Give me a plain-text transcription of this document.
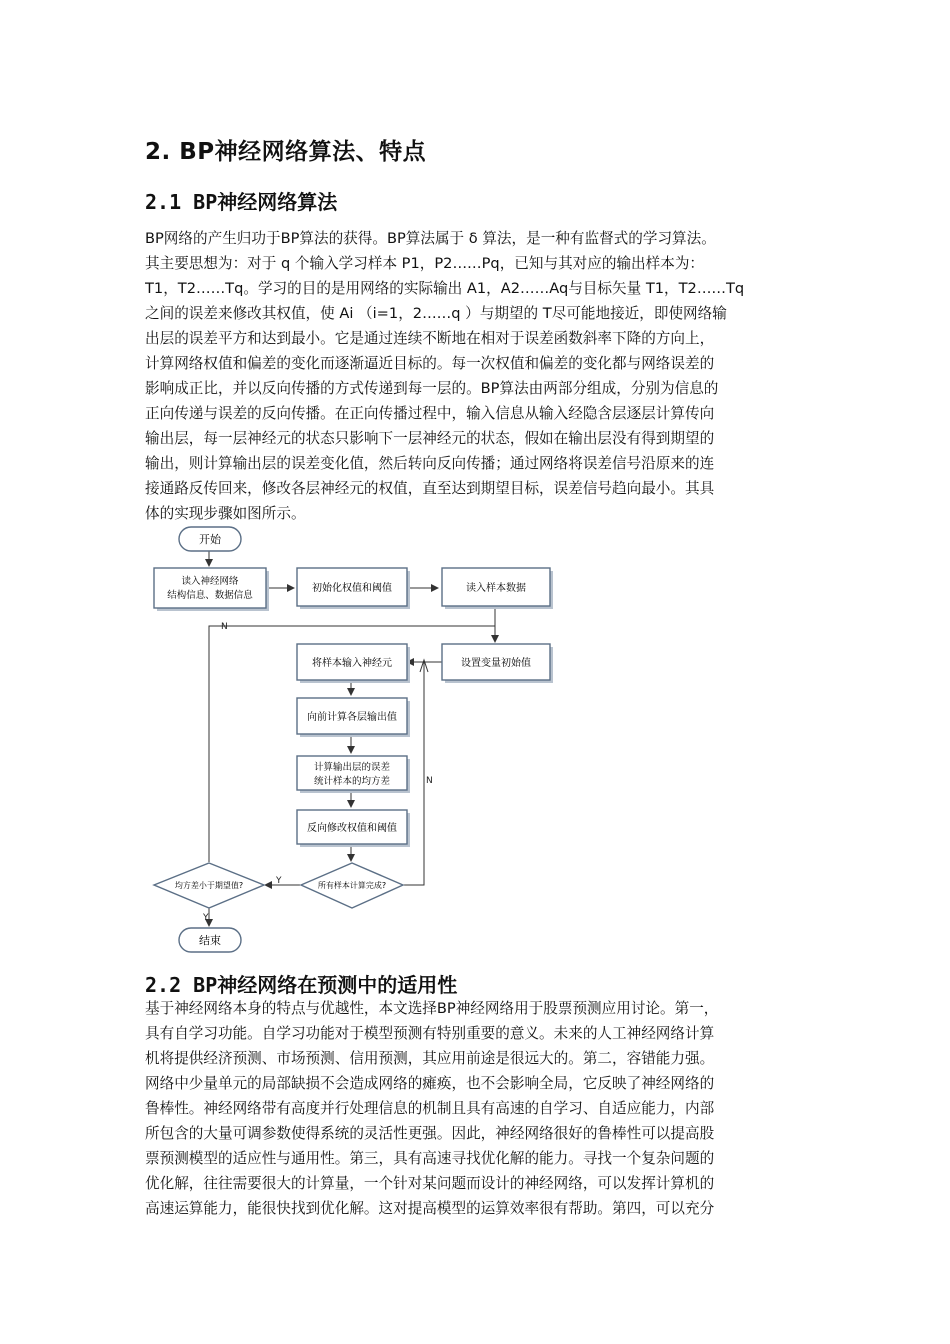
2. BP神经网络算法、特点
2.1 BP神经网络算法

BP网络的产生归功于BP算法的获得。BP算法属于 δ 算法，是一种有监督式的学习算法。
其主要思想为：对于 q 个输入学习样本 P1，P2……Pq，已知与其对应的输出样本为：
T1，T2……Tq。学习的目的是用网络的实际输出 A1，A2……Aq与目标矢量 T1，T2……Tq
之间的误差来修改其权值，使 Ai （i=1，2……q ）与期望的 T尽可能地接近，即使网络输
出层的误差平方和达到最小。它是通过连续不断地在相对于误差函数斜率下降的方向上，
计算网络权值和偏差的变化而逐渐逼近目标的。每一次权值和偏差的变化都与网络误差的
影响成正比，并以反向传播的方式传递到每一层的。BP算法由两部分组成，分别为信息的
正向传递与误差的反向传播。在正向传播过程中，输入信息从输入经隐含层逐层计算传向
输出层，每一层神经元的状态只影响下一层神经元的状态，假如在输出层没有得到期望的
输出，则计算输出层的误差变化值，然后转向反向传播；通过网络将误差信号沿原来的连
接通路反传回来，修改各层神经元的权值，直至达到期望目标，误差信号趋向最小。其具
体的实现步骤如图所示。

N
N
Y
Y
开始
读入神经网络
结构信息、数据信息
初始化权值和阈值	读入样本数据
设置变量初始值
将样本输入神经元
向前计算各层输出值
计算输出层的误差
统计样本的均方差
反向修改权值和阈值
所有样本计算完成?
均方差小于期望值?
结束
2.2 BP神经网络在预测中的适用性

基于神经网络本身的特点与优越性，本文选择BP神经网络用于股票预测应用讨论。第一，
具有自学习功能。自学习功能对于模型预测有特别重要的意义。未来的人工神经网络计算
机将提供经济预测、市场预测、信用预测，其应用前途是很远大的。第二，容错能力强。
网络中少量单元的局部缺损不会造成网络的瘫痪，也不会影响全局，它反映了神经网络的
鲁棒性。神经网络带有高度并行处理信息的机制且具有高速的自学习、自适应能力，内部
所包含的大量可调参数使得系统的灵活性更强。因此，神经网络很好的鲁棒性可以提高股
票预测模型的适应性与通用性。第三，具有高速寻找优化解的能力。寻找一个复杂问题的
优化解，往往需要很大的计算量，一个针对某问题而设计的神经网络，可以发挥计算机的
高速运算能力，能很快找到优化解。这对提高模型的运算效率很有帮助。第四，可以充分
